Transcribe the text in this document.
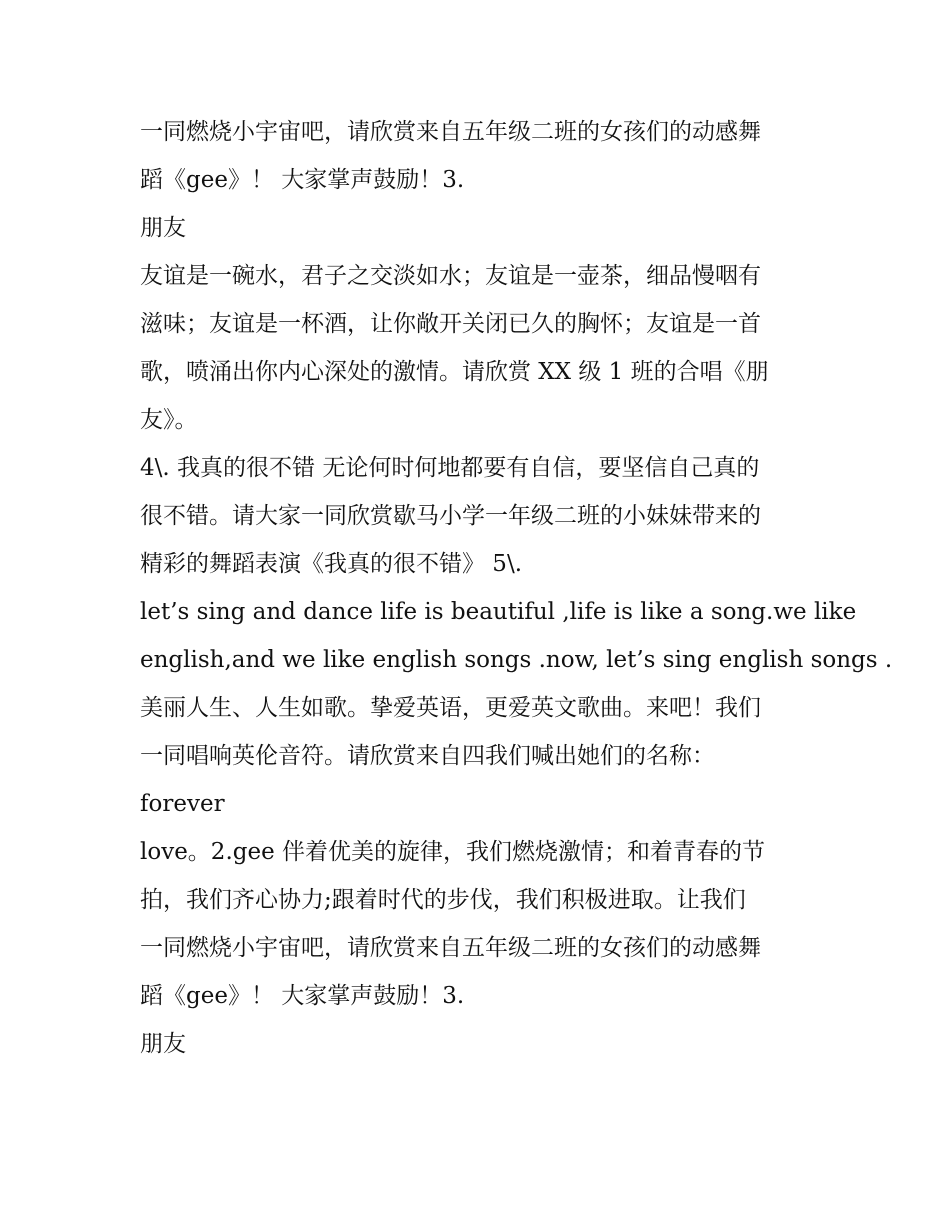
一同燃烧小宇宙吧，请欣赏来自五年级二班的女孩们的动感舞
蹈《gee》！ 大家掌声鼓励！3.
朋友
友谊是一碗水，君子之交淡如水；友谊是一壶茶，细品慢咽有
滋味；友谊是一杯酒，让你敞开关闭已久的胸怀；友谊是一首
歌，喷涌出你内心深处的激情。请欣赏 XX 级 1 班的合唱《朋
友》。
4\. 我真的很不错 无论何时何地都要有自信，要坚信自己真的
很不错。请大家一同欣赏歇马小学一年级二班的小妹妹带来的
精彩的舞蹈表演《我真的很不错》 5\.
let’s sing and dance life is beautiful ,life is like a song.we like
english,and we like english songs .now, let’s sing english songs .
美丽人生、人生如歌。挚爱英语，更爱英文歌曲。来吧！我们
一同唱响英伦音符。请欣赏来自四我们喊出她们的名称：
forever
love。2.gee 伴着优美的旋律，我们燃烧激情；和着青春的节
拍，我们齐心协力;跟着时代的步伐，我们积极进取。让我们
一同燃烧小宇宙吧，请欣赏来自五年级二班的女孩们的动感舞
蹈《gee》！ 大家掌声鼓励！3.
朋友
